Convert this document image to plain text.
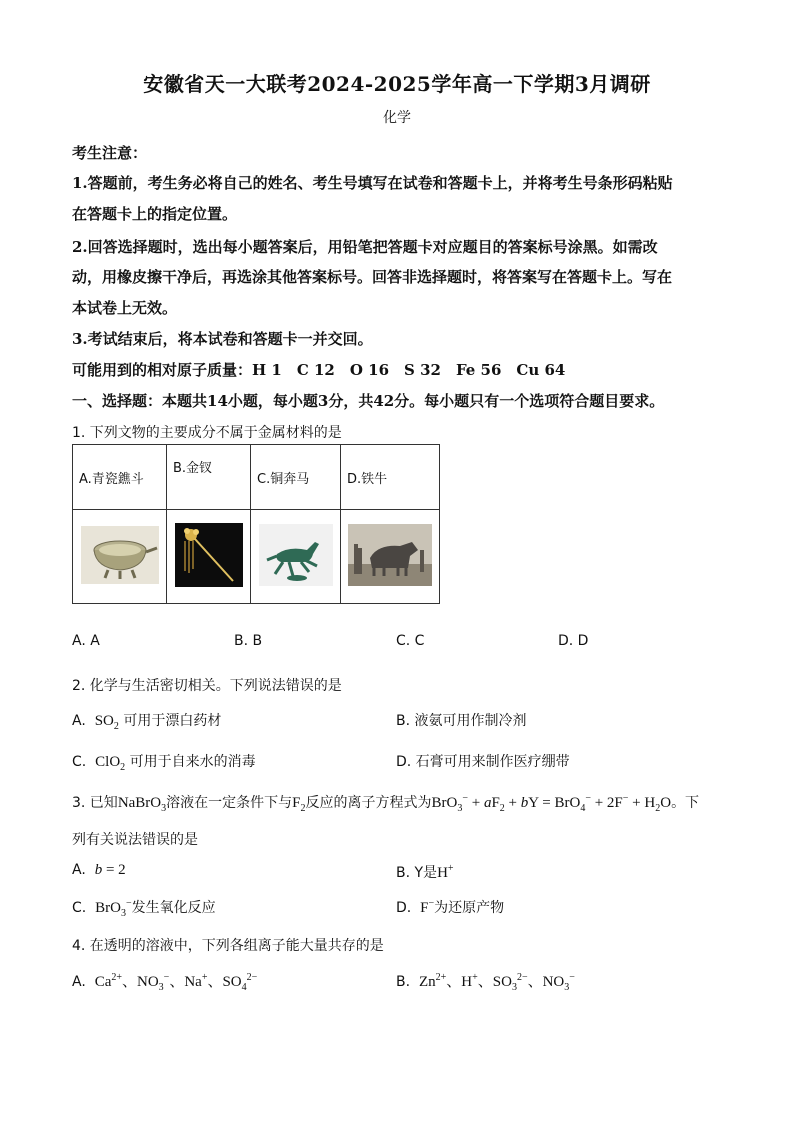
安徽省天一大联考2024-2025学年高一下学期3月调研
化学
考生注意：
1.答题前，考生务必将自己的姓名、考生号填写在试卷和答题卡上，并将考生号条形码粘贴
在答题卡上的指定位置。
2.回答选择题时，选出每小题答案后，用铅笔把答题卡对应题目的答案标号涂黑。如需改
动，用橡皮擦干净后，再选涂其他答案标号。回答非选择题时，将答案写在答题卡上。写在
本试卷上无效。
3.考试结束后，将本试卷和答题卡一并交回。
可能用到的相对原子质量：H 1　C 12　O 16　S 32　Fe 56　Cu 64
一、选择题：本题共14小题，每小题3分，共42分。每小题只有一个选项符合题目要求。
1. 下列文物的主要成分不属于金属材料的是
A.青瓷鐎斗	B.金钗	C.铜奔马	D.铁牛

A. A	B. B	C. C	D. D
2. 化学与生活密切相关。下列说法错误的是
A. $SO_2$ 可用于漂白药材	B. 液氨可用作制冷剂
C. ClO$_2$ 可用于自来水的消毒	D. 石膏可用来制作医疗绷带
3. 已知NaBrO$_3$溶液在一定条件下与$F_2$反应的离子方程式为$BrO_3^- + aF_2$ + bY = $BrO_4^- + 2F^- + H_2O$。下
列有关说法错误的是
A. b = 2	B. Y是H+
C. BrO$_3$−发生氧化反应	D. F−为还原产物
4. 在透明的溶液中，下列各组离子能大量共存的是
A. $Ca^{2+}$、$NO_3^-$、Na+、$SO_4^{2-}$	B. $Zn^{2+}$、H+、$SO_3^{2-}$、$NO_3^-$
